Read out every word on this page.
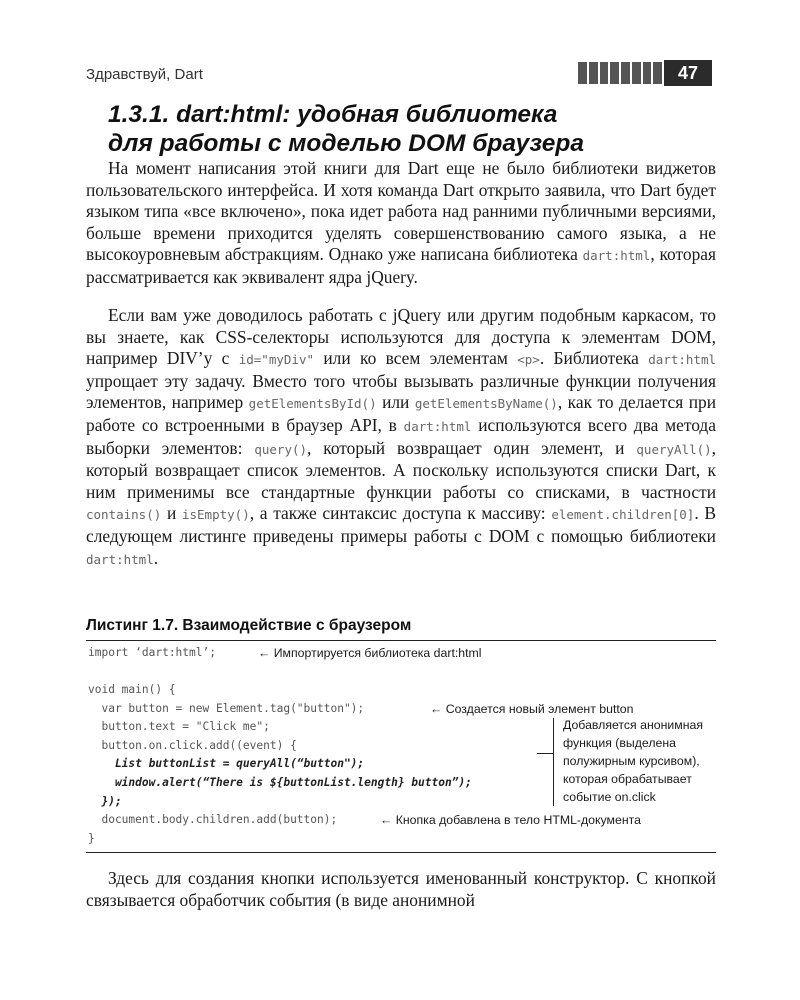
Здравствуй, Dart	47
1.3.1. dart:html: удобная библиотека
для работы с моделью DOM браузера

На момент написания этой книги для Dart еще не было библиотеки виджетов пользовательского интерфейса. И хотя команда Dart открыто заявила, что Dart будет языком типа «все включено», пока идет работа над ранними публичными версиями, больше времени приходится уделять совершенствованию самого языка, а не высокоуровневым абстракциям. Однако уже написана библиотека dart:html, которая рассматривается как эквивалент ядра jQuery.

Если вам уже доводилось работать с jQuery или другим подобным каркасом, то вы знаете, как CSS-селекторы используются для доступа к элементам DOM, например DIV’у с id="myDiv" или ко всем элементам <p>. Библиотека dart:html упрощает эту задачу. Вместо того чтобы вызывать различные функции получения элементов, например getElementsById() или getElementsByName(), как то делается при работе со встроенными в браузер API, в dart:html используются всего два метода выборки элементов: query(), который возвращает один элемент, и queryAll(), который возвращает список элементов. А поскольку используются списки Dart, к ним применимы все стандартные функции работы со списками, в частности contains() и isEmpty(), а также синтаксис доступа к массиву: element.children[0]. В следующем листинге приведены примеры работы с DOM с помощью библиотеки dart:html.

Листинг 1.7. Взаимодействие с браузером
import ‘dart:html’;	← Импортируется библиотека dart:html
void main() {
var button = new Element.tag("button");	← Создается новый элемент button
button.text = "Click me";
button.on.click.add((event) {
List buttonList = queryAll(“button");
window.alert(“There is ${buttonList.length} button”);
});
document.body.children.add(button);	← Кнопка добавлена в тело HTML-документа
}
Добавляется анонимная
функция (выделена
полужирным курсивом),
которая обрабатывает
событие on.click

Здесь для создания кнопки используется именованный конструктор. С кнопкой связывается обработчик события (в виде анонимной
